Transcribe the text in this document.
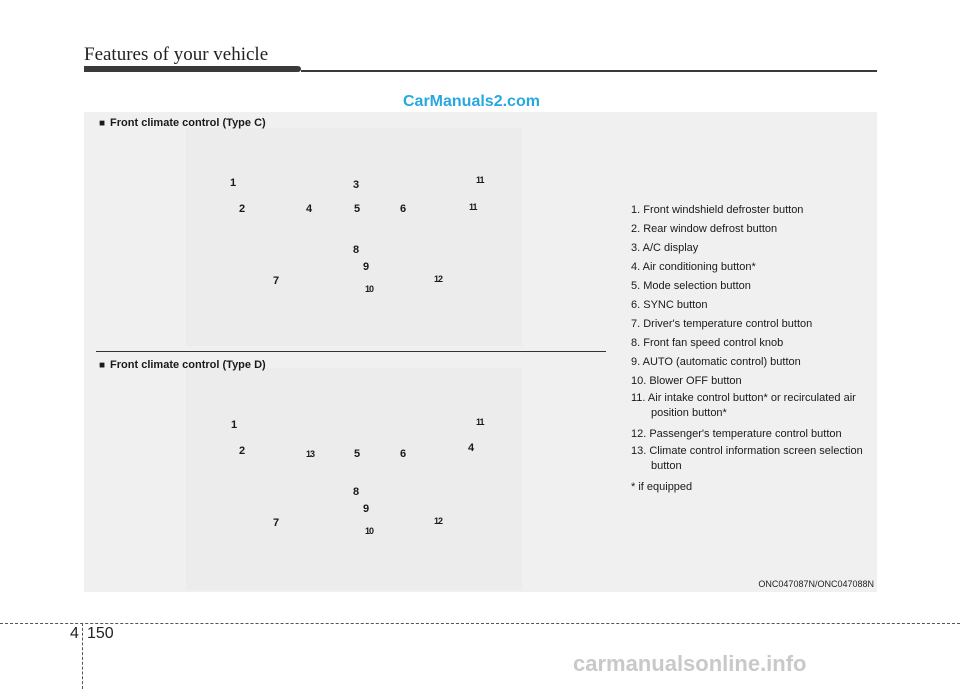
Features of your vehicle
CarManuals2.com
■ Front climate control (Type C)
1	3	11
2	4	5	6	11
8
9
7	12
10
■ Front climate control (Type D)
1	11
2	13	5	6	4
8
9
7	12
10
1. Front windshield defroster button
2. Rear window defrost button
3. A/C display
4. Air conditioning button*
5. Mode selection button
6. SYNC button
7. Driver's temperature control button
8. Front fan speed control knob
9. AUTO (automatic control) button
10. Blower OFF button
11. Air intake control button* or recirculated air position button*
12. Passenger's temperature control button
13. Climate control information screen selection button
* if equipped
ONC047087N/ONC047088N
4 150
carmanualsonline.info
